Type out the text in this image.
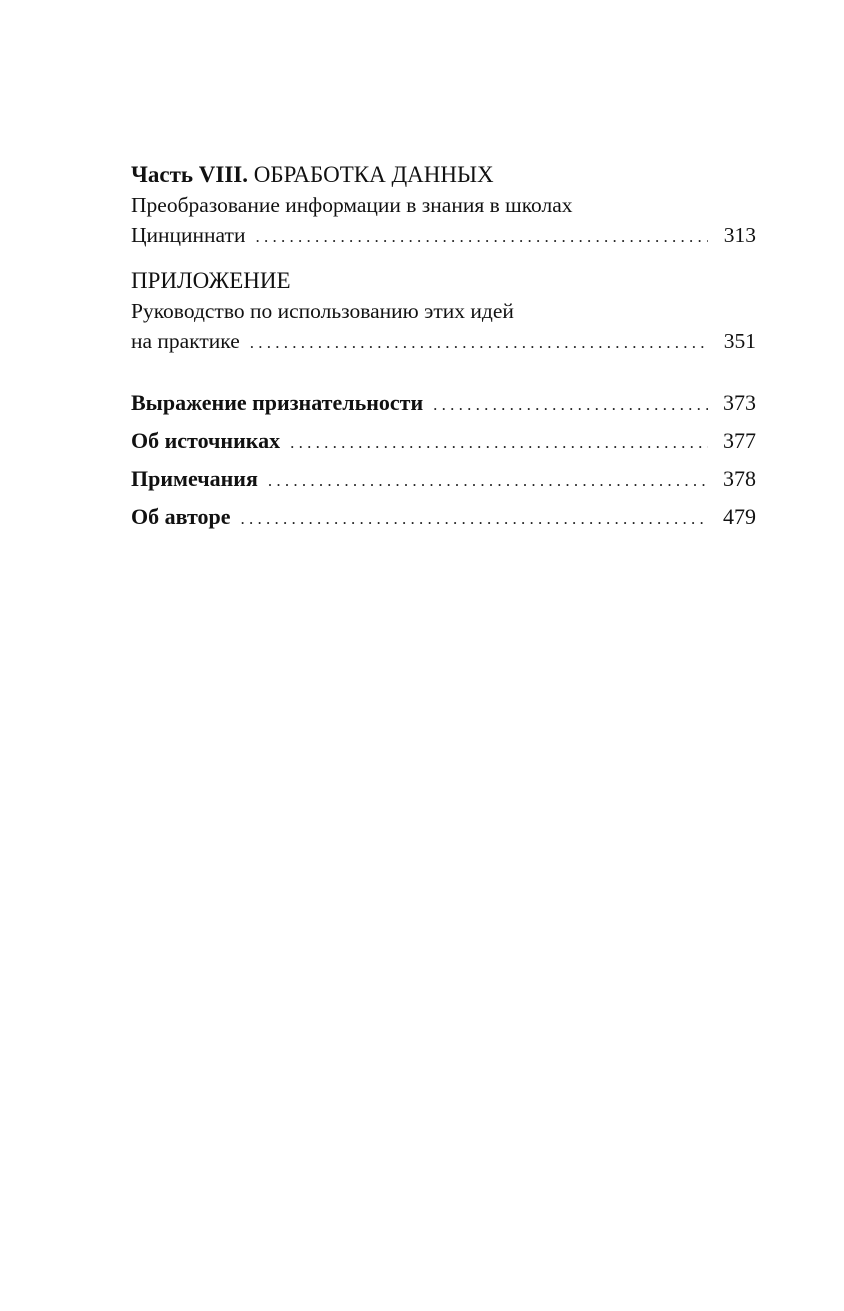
Часть VIII. ОБРАБОТКА ДАННЫХ
Преобразование информации в знания в школах
Цинциннати . . .	313
ПРИЛОЖЕНИЕ
Руководство по использованию этих идей
на практике . . .	351
Выражение признательности . . .	373
Об источниках . . .	377
Примечания . . .	378
Об авторе . . .	479
